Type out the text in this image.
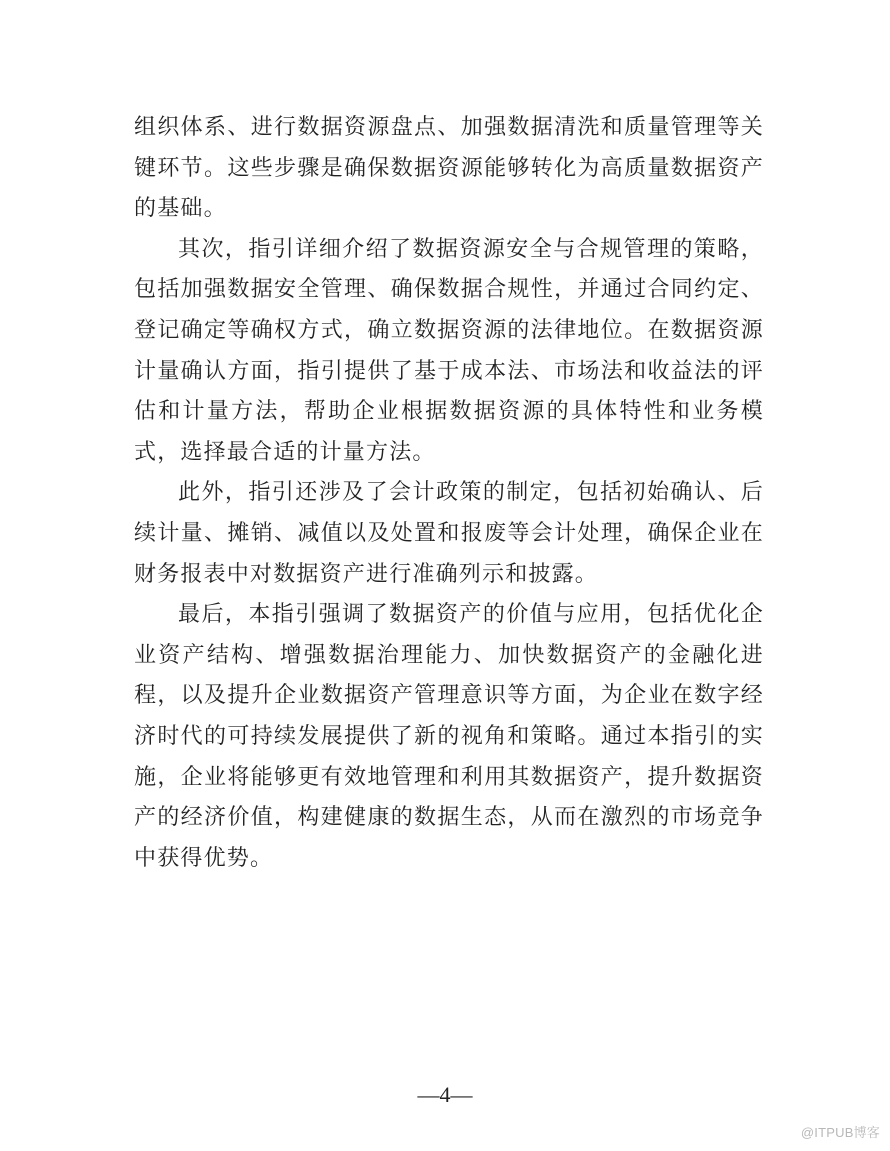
组织体系、进行数据资源盘点、加强数据清洗和质量管理等关键环节。这些步骤是确保数据资源能够转化为高质量数据资产的基础。

其次，指引详细介绍了数据资源安全与合规管理的策略，包括加强数据安全管理、确保数据合规性，并通过合同约定、登记确定等确权方式，确立数据资源的法律地位。在数据资源计量确认方面，指引提供了基于成本法、市场法和收益法的评估和计量方法，帮助企业根据数据资源的具体特性和业务模式，选择最合适的计量方法。

此外，指引还涉及了会计政策的制定，包括初始确认、后续计量、摊销、减值以及处置和报废等会计处理，确保企业在财务报表中对数据资产进行准确列示和披露。

最后，本指引强调了数据资产的价值与应用，包括优化企业资产结构、增强数据治理能力、加快数据资产的金融化进程，以及提升企业数据资产管理意识等方面，为企业在数字经济时代的可持续发展提供了新的视角和策略。通过本指引的实施，企业将能够更有效地管理和利用其数据资产，提升数据资产的经济价值，构建健康的数据生态，从而在激烈的市场竞争中获得优势。

—4—
@ITPUB博客
